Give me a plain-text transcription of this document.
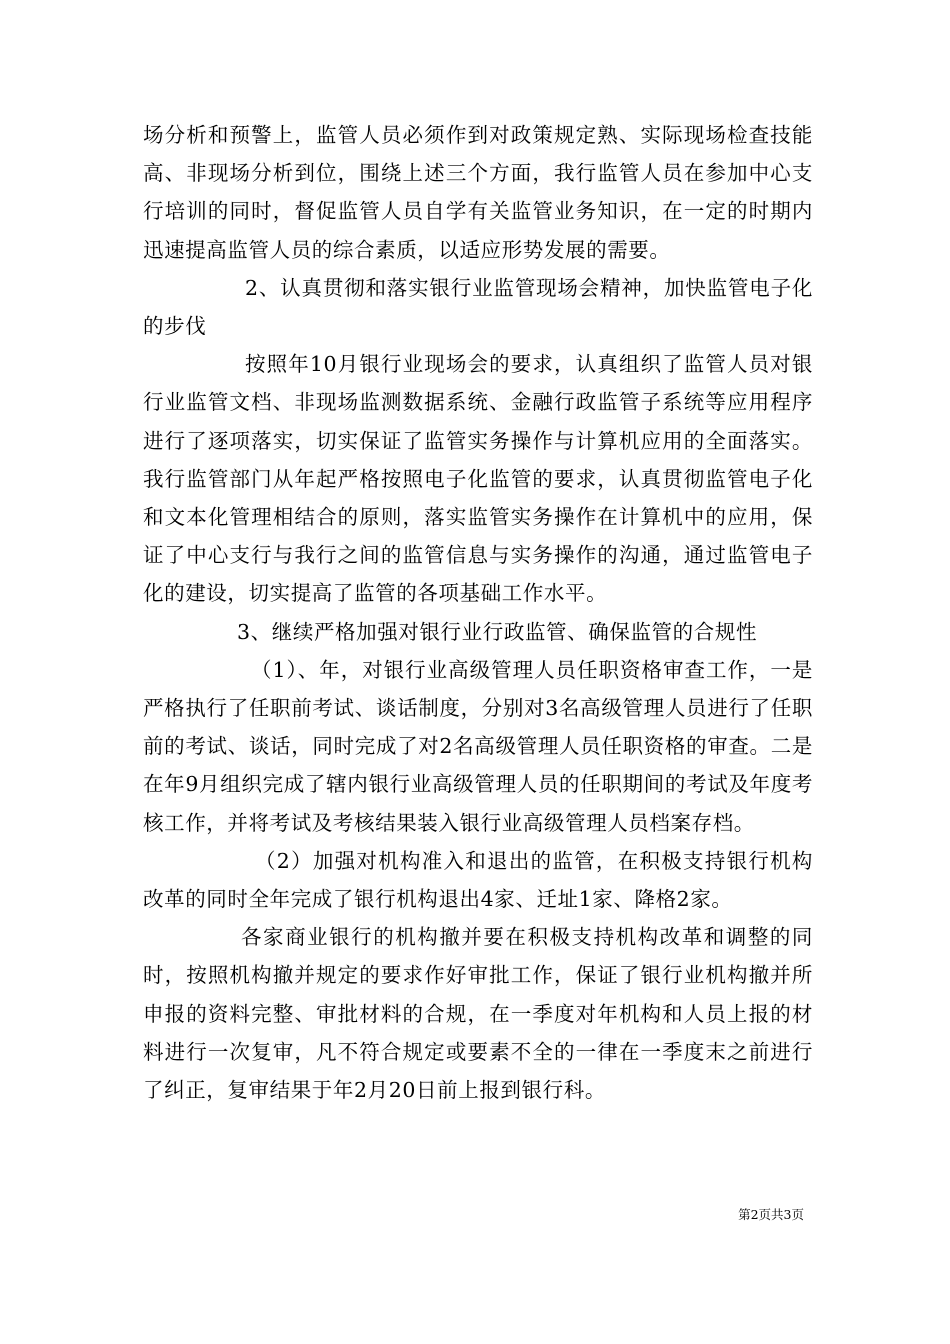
场分析和预警上，监管人员必须作到对政策规定熟、实际现场检查技能高、非现场分析到位，围绕上述三个方面，我行监管人员在参加中心支行培训的同时，督促监管人员自学有关监管业务知识，在一定的时期内迅速提高监管人员的综合素质，以适应形势发展的需要。

2、认真贯彻和落实银行业监管现场会精神，加快监管电子化的步伐

按照年10月银行业现场会的要求，认真组织了监管人员对银行业监管文档、非现场监测数据系统、金融行政监管子系统等应用程序进行了逐项落实，切实保证了监管实务操作与计算机应用的全面落实。我行监管部门从年起严格按照电子化监管的要求，认真贯彻监管电子化和文本化管理相结合的原则，落实监管实务操作在计算机中的应用，保证了中心支行与我行之间的监管信息与实务操作的沟通，通过监管电子化的建设，切实提高了监管的各项基础工作水平。

3、继续严格加强对银行业行政监管、确保监管的合规性

（1）、年，对银行业高级管理人员任职资格审查工作，一是严格执行了任职前考试、谈话制度，分别对3名高级管理人员进行了任职前的考试、谈话，同时完成了对2名高级管理人员任职资格的审查。二是在年9月组织完成了辖内银行业高级管理人员的任职期间的考试及年度考核工作，并将考试及考核结果装入银行业高级管理人员档案存档。

（2）加强对机构准入和退出的监管，在积极支持银行机构改革的同时全年完成了银行机构退出4家、迁址1家、降格2家。

各家商业银行的机构撤并要在积极支持机构改革和调整的同时，按照机构撤并规定的要求作好审批工作，保证了银行业机构撤并所申报的资料完整、审批材料的合规，在一季度对年机构和人员上报的材料进行一次复审，凡不符合规定或要素不全的一律在一季度末之前进行了纠正，复审结果于年2月20日前上报到银行科。

第2页共3页
